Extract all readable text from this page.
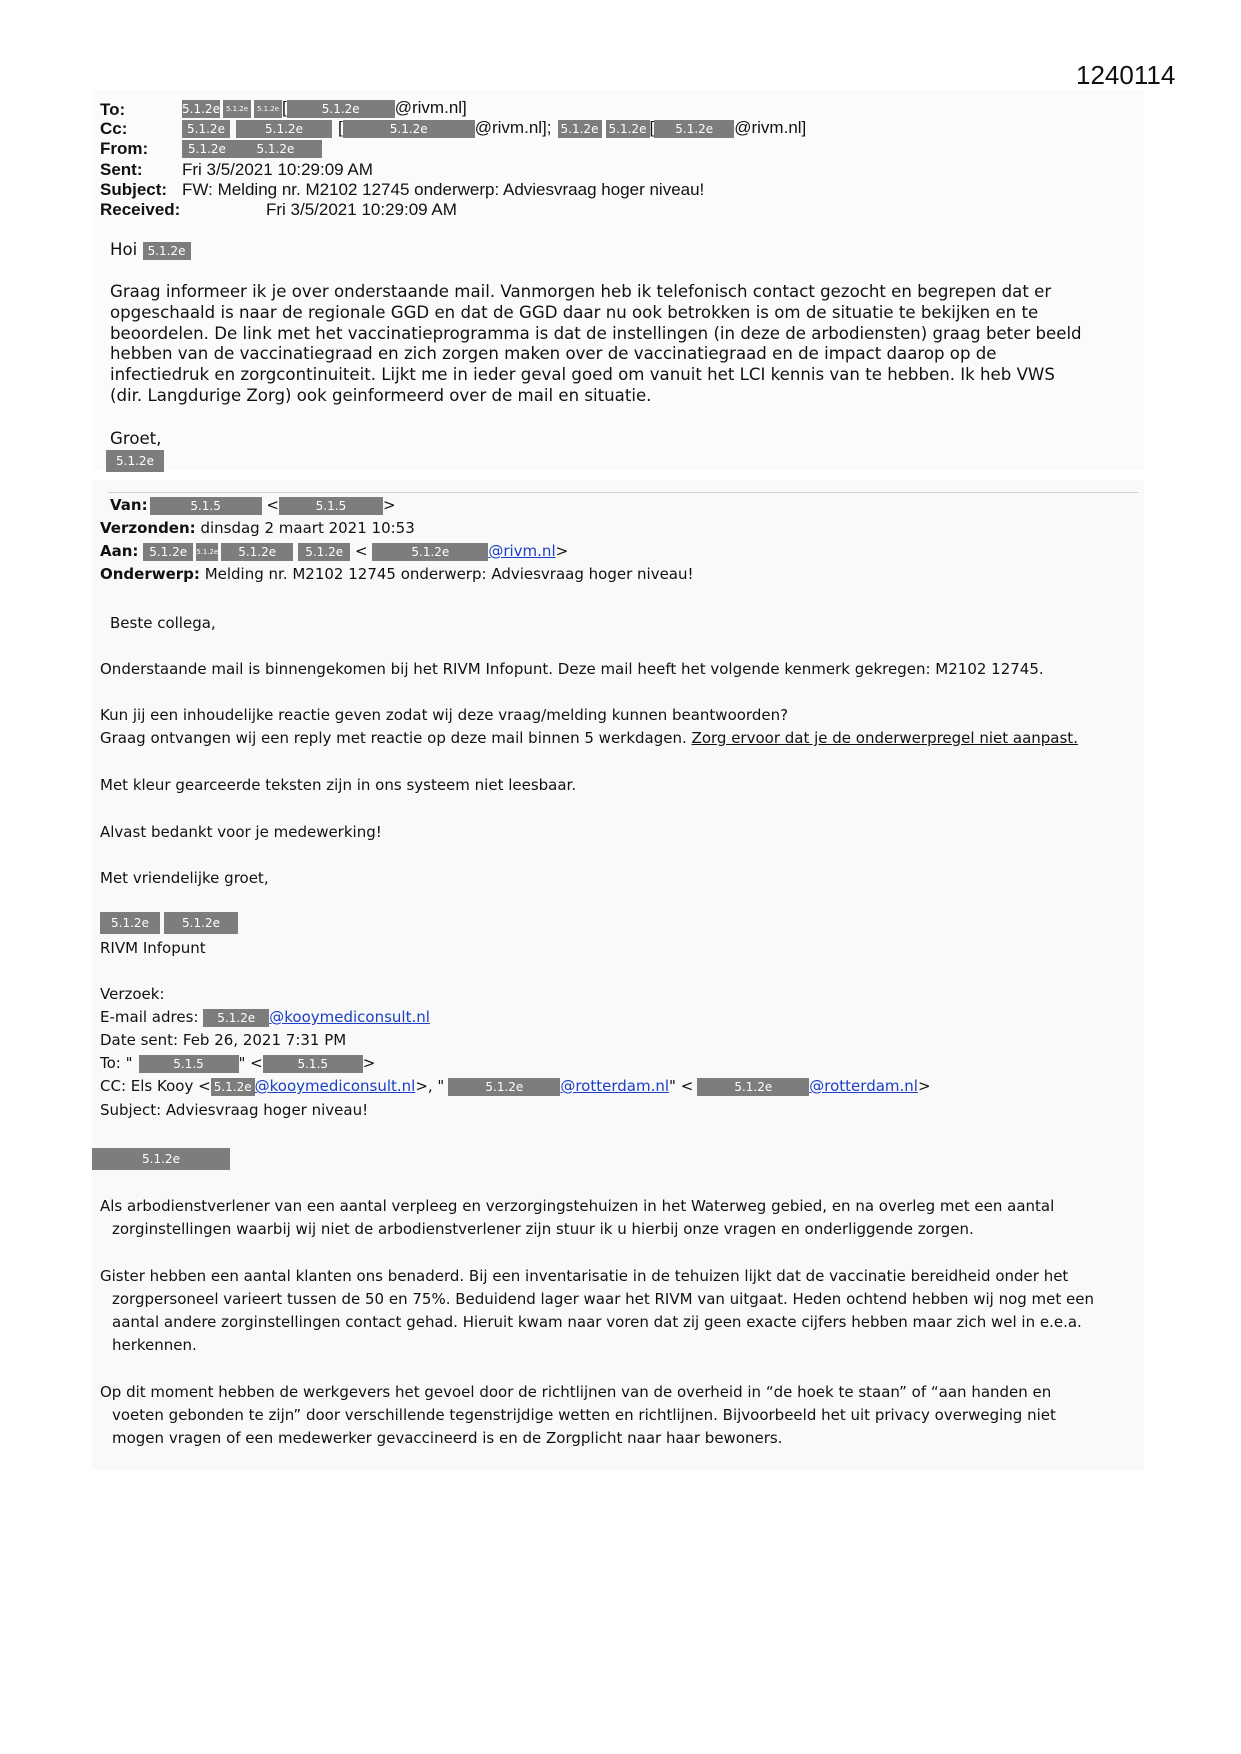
1240114
To:	5.1.2e 5.1.2e 5.1.2e [	5.1.2e @rivm.nl]
Cc:	5.1.2e	5.1.2e [	5.1.2e	@rivm.nl]; 5.1.2e 5.1.2e [ 5.1.2e @rivm.nl]
From:	5.1.2e	5.1.2e
Sent: Fri 3/5/2021 10:29:09 AM
Subject: FW: Melding nr. M2102 12745 onderwerp: Adviesvraag hoger niveau!
Received:	Fri 3/5/2021 10:29:09 AM
Hoi 5.1.2e
Graag informeer ik je over onderstaande mail. Vanmorgen heb ik telefonisch contact gezocht en begrepen dat er
opgeschaald is naar de regionale GGD en dat de GGD daar nu ook betrokken is om de situatie te bekijken en te
beoordelen. De link met het vaccinatieprogramma is dat de instellingen (in deze de arbodiensten) graag beter beeld
hebben van de vaccinatiegraad en zich zorgen maken over de vaccinatiegraad en de impact daarop op de
infectiedruk en zorgcontinuiteit. Lijkt me in ieder geval goed om vanuit het LCI kennis van te hebben. Ik heb VWS
(dir. Langdurige Zorg) ook geinformeerd over de mail en situatie.
Groet,
5.1.2e
Van:	5.1.5	<	5.1.5 >
Verzonden: dinsdag 2 maart 2021 10:53
Aan: 5.1.2e 5.1.2e 5.1.2e 5.1.2e <	5.1.2e	@rivm.nl>
Onderwerp: Melding nr. M2102 12745 onderwerp: Adviesvraag hoger niveau!
Beste collega,
Onderstaande mail is binnengekomen bij het RIVM Infopunt. Deze mail heeft het volgende kenmerk gekregen: M2102 12745.
Kun jij een inhoudelijke reactie geven zodat wij deze vraag/melding kunnen beantwoorden?
Graag ontvangen wij een reply met reactie op deze mail binnen 5 werkdagen. Zorg ervoor dat je de onderwerpregel niet aanpast.
Met kleur gearceerde teksten zijn in ons systeem niet leesbaar.
Alvast bedankt voor je medewerking!
Met vriendelijke groet,
5.1.2e	5.1.2e
RIVM Infopunt
Verzoek:
E-mail adres: 5.1.2e @kooymediconsult.nl
Date sent: Feb 26, 2021 7:31 PM
To: "	5.1.5 " <	5.1.5 >
CC: Els Kooy < 5.1.2e @kooymediconsult.nl>, "	5.1.2e @rotterdam.nl" <	5.1.2e @rotterdam.nl>
Subject: Adviesvraag hoger niveau!
5.1.2e
Als arbodienstverlener van een aantal verpleeg en verzorgingstehuizen in het Waterweg gebied, en na overleg met een aantal
zorginstellingen waarbij wij niet de arbodienstverlener zijn stuur ik u hierbij onze vragen en onderliggende zorgen.
Gister hebben een aantal klanten ons benaderd. Bij een inventarisatie in de tehuizen lijkt dat de vaccinatie bereidheid onder het
zorgpersoneel varieert tussen de 50 en 75%. Beduidend lager waar het RIVM van uitgaat. Heden ochtend hebben wij nog met een
aantal andere zorginstellingen contact gehad. Hieruit kwam naar voren dat zij geen exacte cijfers hebben maar zich wel in e.e.a.
herkennen.
Op dit moment hebben de werkgevers het gevoel door de richtlijnen van de overheid in “de hoek te staan” of “aan handen en
voeten gebonden te zijn” door verschillende tegenstrijdige wetten en richtlijnen. Bijvoorbeeld het uit privacy overweging niet
mogen vragen of een medewerker gevaccineerd is en de Zorgplicht naar haar bewoners.
